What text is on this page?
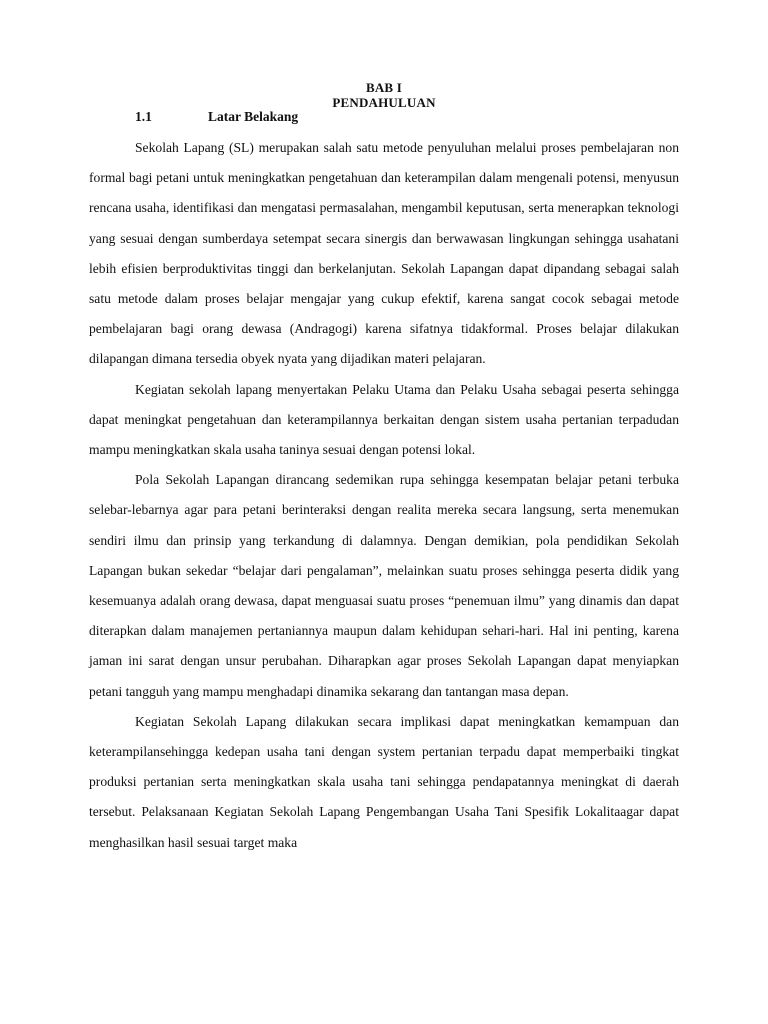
BAB I
PENDAHULUAN
1.1	Latar Belakang

Sekolah Lapang (SL) merupakan salah satu metode penyuluhan melalui proses pembelajaran non formal bagi petani untuk meningkatkan pengetahuan dan keterampilan dalam mengenali potensi, menyusun rencana usaha, identifikasi dan mengatasi permasalahan, mengambil keputusan, serta menerapkan teknologi yang sesuai dengan sumberdaya setempat secara sinergis dan berwawasan lingkungan sehingga usahatani lebih efisien berproduktivitas tinggi dan berkelanjutan. Sekolah Lapangan dapat dipandang sebagai salah satu metode dalam proses belajar mengajar yang cukup efektif, karena sangat cocok sebagai metode pembelajaran bagi orang dewasa (Andragogi) karena sifatnya tidakformal. Proses belajar dilakukan dilapangan dimana tersedia obyek nyata yang dijadikan materi pelajaran.

Kegiatan sekolah lapang menyertakan Pelaku Utama dan Pelaku Usaha sebagai peserta sehingga dapat meningkat pengetahuan dan keterampilannya berkaitan dengan sistem usaha pertanian terpadudan mampu meningkatkan skala usaha taninya sesuai dengan potensi lokal.

Pola Sekolah Lapangan dirancang sedemikan rupa sehingga kesempatan belajar petani terbuka selebar-lebarnya agar para petani berinteraksi dengan realita mereka secara langsung, serta menemukan sendiri ilmu dan prinsip yang terkandung di dalamnya. Dengan demikian, pola pendidikan Sekolah Lapangan bukan sekedar “belajar dari pengalaman”, melainkan suatu proses sehingga peserta didik yang kesemuanya adalah orang dewasa, dapat menguasai suatu proses “penemuan ilmu” yang dinamis dan dapat diterapkan dalam manajemen pertaniannya maupun dalam kehidupan sehari-hari. Hal ini penting, karena jaman ini sarat dengan unsur perubahan. Diharapkan agar proses Sekolah Lapangan dapat menyiapkan petani tangguh yang mampu menghadapi dinamika sekarang dan tantangan masa depan.

Kegiatan Sekolah Lapang dilakukan secara implikasi dapat meningkatkan kemampuan dan keterampilansehingga kedepan usaha tani dengan system pertanian terpadu dapat memperbaiki tingkat produksi pertanian serta meningkatkan skala usaha tani sehingga pendapatannya meningkat di daerah tersebut. Pelaksanaan Kegiatan Sekolah Lapang Pengembangan Usaha Tani Spesifik Lokalitaagar dapat menghasilkan hasil sesuai target maka
